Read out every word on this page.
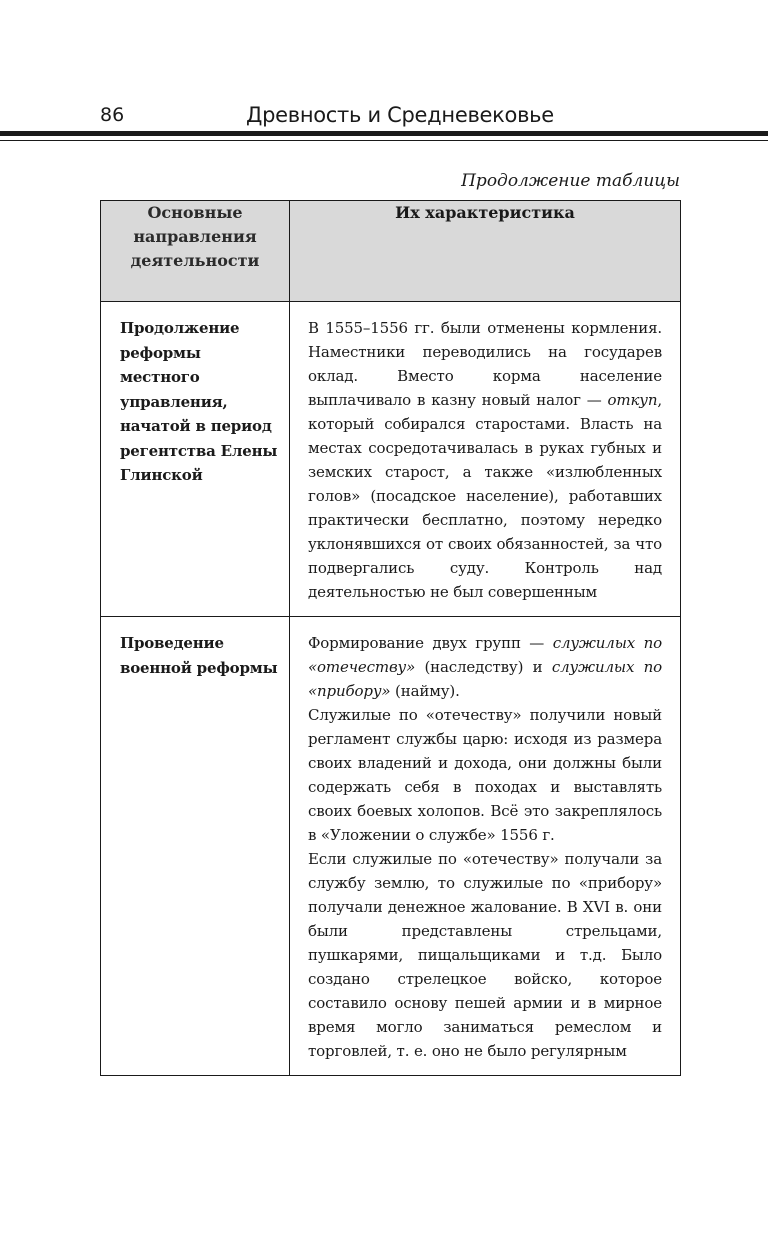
86	Древность и Средневековье
Продолжение таблицы
Основные направления деятельности	Их характеристика
Продолжение реформы местного управления, начатой в период регентства Елены Глинской	В 1555–1556 гг. были отменены кормления. Наместники переводились на государев оклад. Вместо корма население выплачивало в казну новый налог — откуп, который собирался старостами. Власть на местах сосредотачивалась в руках губных и земских старост, а также «излюбленных голов» (посадское население), работавших практически бесплатно, поэтому нередко уклонявшихся от своих обязанностей, за что подвергались суду. Контроль над деятельностью не был совершенным

Проведение военной реформы	Формирование двух групп — служилых по «отечеству» (наследству) и служилых по «прибору» (найму).

Служилые по «отечеству» получили новый регламент службы царю: исходя из размера своих владений и дохода, они должны были содержать себя в походах и выставлять своих боевых холопов. Всё это закреплялось в «Уложении о службе» 1556 г.

Если служилые по «отечеству» получали за службу землю, то служилые по «прибору» получали денежное жалование. В XVI в. они были представлены стрельцами, пушкарями, пищальщиками и т.д. Было создано стрелецкое войско, которое составило основу пешей армии и в мирное время могло заниматься ремеслом и торговлей, т. е. оно не было регулярным
